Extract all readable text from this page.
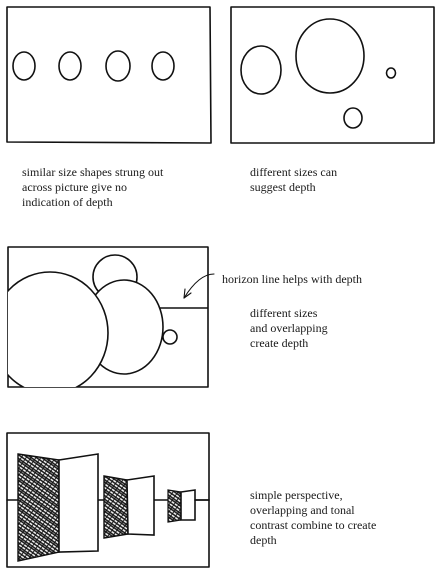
similar size shapes strung out
across picture give no
indication of depth

different sizes can
suggest depth

horizon line helps with depth

different sizes
and overlapping
create depth

simple perspective,
overlapping and tonal
contrast combine to create
depth
